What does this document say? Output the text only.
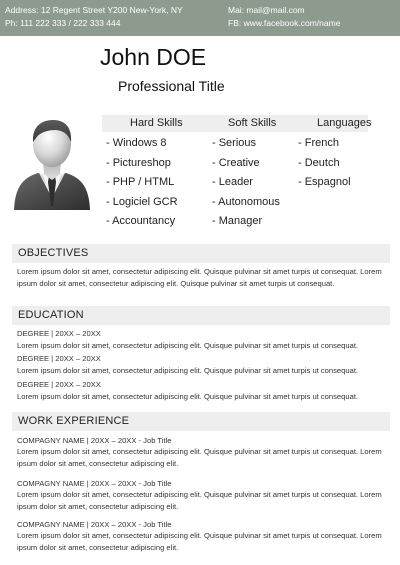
Address: 12 Regent Street Y200 New-York, NY
Ph: 111 222 333 / 222 333 444
Mai: mail@mail.com
FB: www.facebook.com/name
John DOE
Professional Title
Hard Skills	Soft Skills	Languages
- Windows 8
- Pictureshop
- PHP / HTML
- Logiciel GCR
- Accountancy
- Serious
- Creative
- Leader
- Autonomous
- Manager
- French
- Deutch
- Espagnol
OBJECTIVES
Lorem ipsum dolor sit amet, consectetur adipiscing elit. Quisque pulvinar sit amet turpis ut consequat. Lorem ipsum dolor sit amet, consectetur adipiscing elit. Quisque pulvinar sit amet turpis ut consequat.
EDUCATION
DEGREE | 20XX – 20XX
Lorem ipsum dolor sit amet, consectetur adipiscing elit. Quisque pulvinar sit amet turpis ut consequat.
DEGREE | 20XX – 20XX
Lorem ipsum dolor sit amet, consectetur adipiscing elit. Quisque pulvinar sit amet turpis ut consequat.
DEGREE | 20XX – 20XX
Lorem ipsum dolor sit amet, consectetur adipiscing elit. Quisque pulvinar sit amet turpis ut consequat.
WORK EXPERIENCE
COMPAGNY NAME | 20XX – 20XX - Job Title
Lorem ipsum dolor sit amet, consectetur adipiscing elit. Quisque pulvinar sit amet turpis ut consequat. Lorem ipsum dolor sit amet, consectetur adipiscing elit.
COMPAGNY NAME | 20XX – 20XX - Job Title
Lorem ipsum dolor sit amet, consectetur adipiscing elit. Quisque pulvinar sit amet turpis ut consequat. Lorem ipsum dolor sit amet, consectetur adipiscing elit.
COMPAGNY NAME | 20XX – 20XX - Job Title
Lorem ipsum dolor sit amet, consectetur adipiscing elit. Quisque pulvinar sit amet turpis ut consequat. Lorem ipsum dolor sit amet, consectetur adipiscing elit.
